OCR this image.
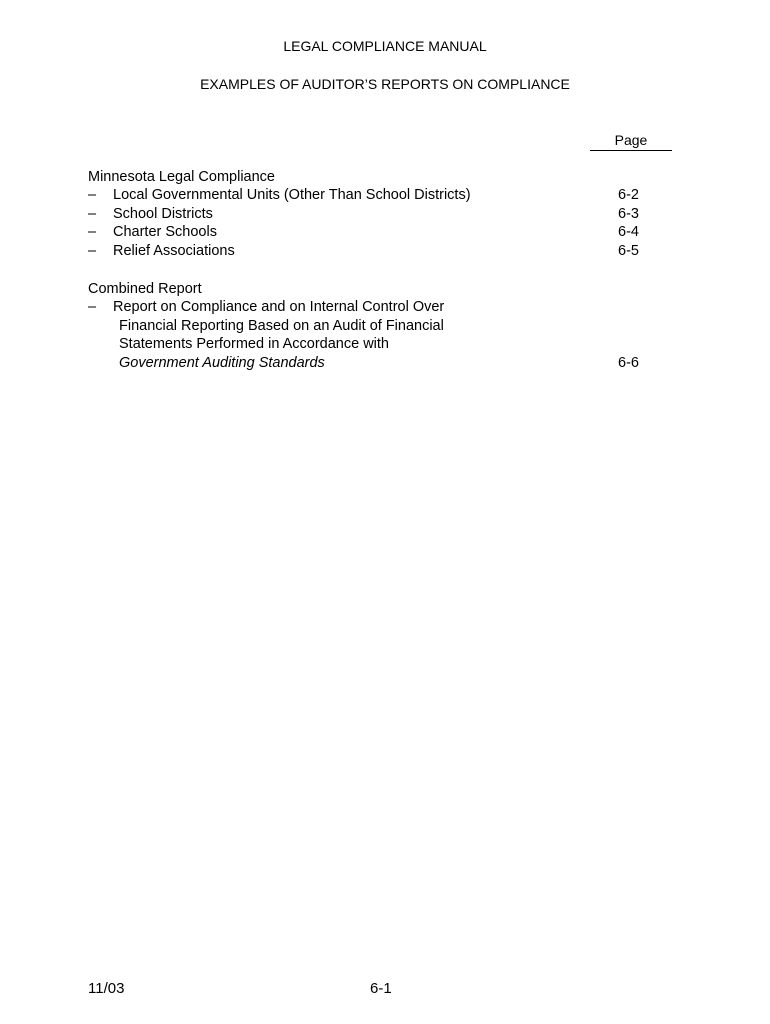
LEGAL COMPLIANCE MANUAL
EXAMPLES OF AUDITOR’S REPORTS ON COMPLIANCE
Page
Minnesota Legal Compliance
– Local Governmental Units (Other Than School Districts)	6-2
– School Districts	6-3
– Charter Schools	6-4
– Relief Associations	6-5
Combined Report
– Report on Compliance and on Internal Control Over
Financial Reporting Based on an Audit of Financial
Statements Performed in Accordance with
Government Auditing Standards	6-6
11/03	6-1
